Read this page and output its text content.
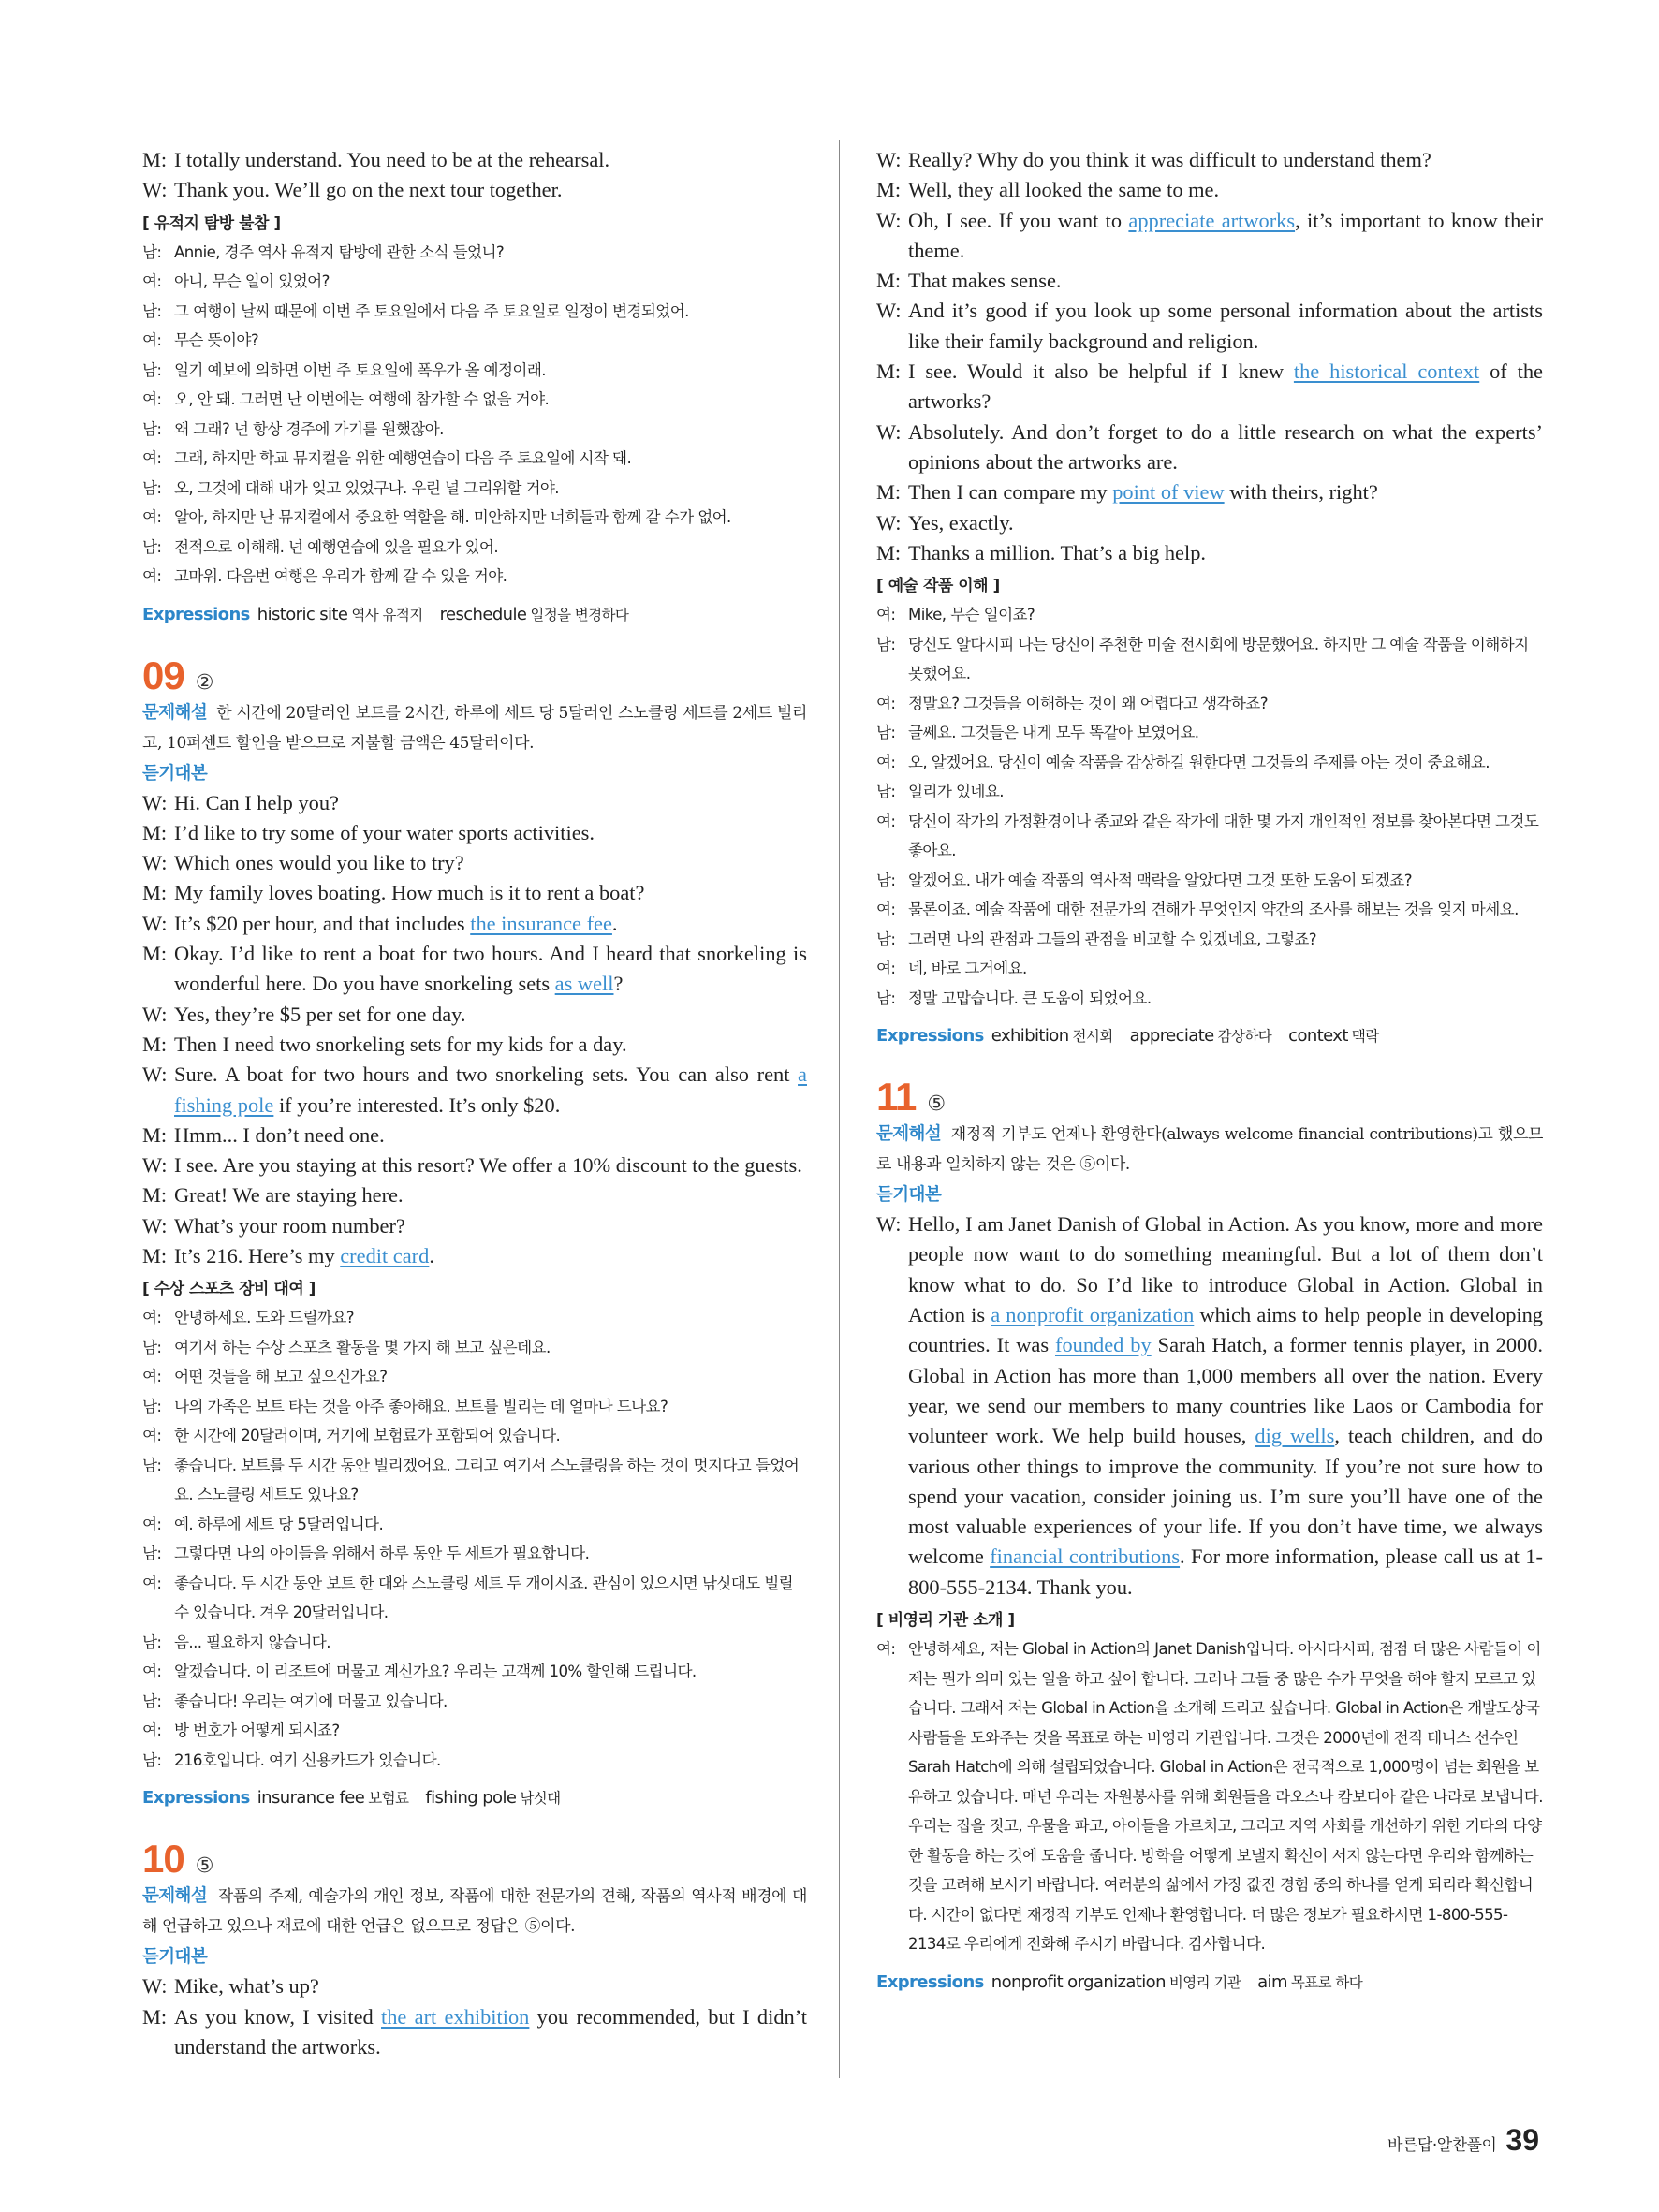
M: I totally understand. You need to be at the rehearsal.
W: Thank you. We’ll go on the next tour together.
[ 유적지 탐방 불참 ]
남: Annie, 경주 역사 유적지 탐방에 관한 소식 들었니?
여: 아니, 무슨 일이 있었어?
남: 그 여행이 날씨 때문에 이번 주 토요일에서 다음 주 토요일로 일정이 변경되었어.
여: 무슨 뜻이야?
남: 일기 예보에 의하면 이번 주 토요일에 폭우가 올 예정이래.
여: 오, 안 돼. 그러면 난 이번에는 여행에 참가할 수 없을 거야.
남: 왜 그래? 넌 항상 경주에 가기를 원했잖아.
여: 그래, 하지만 학교 뮤지컬을 위한 예행연습이 다음 주 토요일에 시작 돼.
남: 오, 그것에 대해 내가 잊고 있었구나. 우린 널 그리워할 거야.
여: 알아, 하지만 난 뮤지컬에서 중요한 역할을 해. 미안하지만 너희들과 함께 갈 수가 없어.
남: 전적으로 이해해. 넌 예행연습에 있을 필요가 있어.
여: 고마워. 다음번 여행은 우리가 함께 갈 수 있을 거야.
Expressions historic site 역사 유적지 reschedule 일정을 변경하다
09 ②
문제해설 한 시간에 20달러인 보트를 2시간, 하루에 세트 당 5달러인 스노클링 세트를 2세트 빌리고, 10퍼센트 할인을 받으므로 지불할 금액은 45달러이다.
듣기대본
W: Hi. Can I help you?
M: I’d like to try some of your water sports activities.
W: Which ones would you like to try?
M: My family loves boating. How much is it to rent a boat?
W: It’s $20 per hour, and that includes the insurance fee.
M: Okay. I’d like to rent a boat for two hours. And I heard that snorkeling is wonderful here. Do you have snorkeling sets as well?
W: Yes, they’re $5 per set for one day.
M: Then I need two snorkeling sets for my kids for a day.
W: Sure. A boat for two hours and two snorkeling sets. You can also rent a fishing pole if you’re interested. It’s only $20.
M: Hmm... I don’t need one.
W: I see. Are you staying at this resort? We offer a 10% discount to the guests.
M: Great! We are staying here.
W: What’s your room number?
M: It’s 216. Here’s my credit card.
[ 수상 스포츠 장비 대여 ]
여: 안녕하세요. 도와 드릴까요?
남: 여기서 하는 수상 스포츠 활동을 몇 가지 해 보고 싶은데요.
여: 어떤 것들을 해 보고 싶으신가요?
남: 나의 가족은 보트 타는 것을 아주 좋아해요. 보트를 빌리는 데 얼마나 드나요?
여: 한 시간에 20달러이며, 거기에 보험료가 포함되어 있습니다.
남: 좋습니다. 보트를 두 시간 동안 빌리겠어요. 그리고 여기서 스노클링을 하는 것이 멋지다고 들었어요. 스노클링 세트도 있나요?
여: 예. 하루에 세트 당 5달러입니다.
남: 그렇다면 나의 아이들을 위해서 하루 동안 두 세트가 필요합니다.
여: 좋습니다. 두 시간 동안 보트 한 대와 스노클링 세트 두 개이시죠. 관심이 있으시면 낚싯대도 빌릴 수 있습니다. 겨우 20달러입니다.
남: 음... 필요하지 않습니다.
여: 알겠습니다. 이 리조트에 머물고 계신가요? 우리는 고객께 10% 할인해 드립니다.
남: 좋습니다! 우리는 여기에 머물고 있습니다.
여: 방 번호가 어떻게 되시죠?
남: 216호입니다. 여기 신용카드가 있습니다.
Expressions insurance fee 보험료 fishing pole 낚싯대
10 ⑤
문제해설 작품의 주제, 예술가의 개인 정보, 작품에 대한 전문가의 견해, 작품의 역사적 배경에 대해 언급하고 있으나 재료에 대한 언급은 없으므로 정답은 ⑤이다.
듣기대본
W: Mike, what’s up?
M: As you know, I visited the art exhibition you recommended, but I didn’t understand the artworks.
W: Really? Why do you think it was difficult to understand them?
M: Well, they all looked the same to me.
W: Oh, I see. If you want to appreciate artworks, it’s important to know their theme.
M: That makes sense.
W: And it’s good if you look up some personal information about the artists like their family background and religion.
M: I see. Would it also be helpful if I knew the historical context of the artworks?
W: Absolutely. And don’t forget to do a little research on what the experts’ opinions about the artworks are.
M: Then I can compare my point of view with theirs, right?
W: Yes, exactly.
M: Thanks a million. That’s a big help.
[ 예술 작품 이해 ]
여: Mike, 무슨 일이죠?
남: 당신도 알다시피 나는 당신이 추천한 미술 전시회에 방문했어요. 하지만 그 예술 작품을 이해하지 못했어요.
여: 정말요? 그것들을 이해하는 것이 왜 어렵다고 생각하죠?
남: 글쎄요. 그것들은 내게 모두 똑같아 보였어요.
여: 오, 알겠어요. 당신이 예술 작품을 감상하길 원한다면 그것들의 주제를 아는 것이 중요해요.
남: 일리가 있네요.
여: 당신이 작가의 가정환경이나 종교와 같은 작가에 대한 몇 가지 개인적인 정보를 찾아본다면 그것도 좋아요.
남: 알겠어요. 내가 예술 작품의 역사적 맥락을 알았다면 그것 또한 도움이 되겠죠?
여: 물론이죠. 예술 작품에 대한 전문가의 견해가 무엇인지 약간의 조사를 해보는 것을 잊지 마세요.
남: 그러면 나의 관점과 그들의 관점을 비교할 수 있겠네요, 그렇죠?
여: 네, 바로 그거에요.
남: 정말 고맙습니다. 큰 도움이 되었어요.
Expressions exhibition 전시회 appreciate 감상하다 context 맥락
11 ⑤
문제해설 재정적 기부도 언제나 환영한다(always welcome financial contributions)고 했으므로 내용과 일치하지 않는 것은 ⑤이다.
듣기대본
W: Hello, I am Janet Danish of Global in Action. As you know, more and more people now want to do something meaningful. But a lot of them don’t know what to do. So I’d like to introduce Global in Action. Global in Action is a nonprofit organization which aims to help people in developing countries. It was founded by Sarah Hatch, a former tennis player, in 2000. Global in Action has more than 1,000 members all over the nation. Every year, we send our members to many countries like Laos or Cambodia for volunteer work. We help build houses, dig wells, teach children, and do various other things to improve the community. If you’re not sure how to spend your vacation, consider joining us. I’m sure you’ll have one of the most valuable experiences of your life. If you don’t have time, we always welcome financial contributions. For more information, please call us at 1-800-555-2134. Thank you.
[ 비영리 기관 소개 ]
여: 안녕하세요, 저는 Global in Action의 Janet Danish입니다. 아시다시피, 점점 더 많은 사람들이 이제는 뭔가 의미 있는 일을 하고 싶어 합니다. 그러나 그들 중 많은 수가 무엇을 해야 할지 모르고 있습니다. 그래서 저는 Global in Action을 소개해 드리고 싶습니다. Global in Action은 개발도상국 사람들을 도와주는 것을 목표로 하는 비영리 기관입니다. 그것은 2000년에 전직 테니스 선수인 Sarah Hatch에 의해 설립되었습니다. Global in Action은 전국적으로 1,000명이 넘는 회원을 보유하고 있습니다. 매년 우리는 자원봉사를 위해 회원들을 라오스나 캄보디아 같은 나라로 보냅니다. 우리는 집을 짓고, 우물을 파고, 아이들을 가르치고, 그리고 지역 사회를 개선하기 위한 기타의 다양한 활동을 하는 것에 도움을 줍니다. 방학을 어떻게 보낼지 확신이 서지 않는다면 우리와 함께하는 것을 고려해 보시기 바랍니다. 여러분의 삶에서 가장 값진 경험 중의 하나를 얻게 되리라 확신합니다. 시간이 없다면 재정적 기부도 언제나 환영합니다. 더 많은 정보가 필요하시면 1-800-555-2134로 우리에게 전화해 주시기 바랍니다. 감사합니다.
Expressions nonprofit organization 비영리 기관 aim 목표로 하다
바른답·알찬풀이 39
